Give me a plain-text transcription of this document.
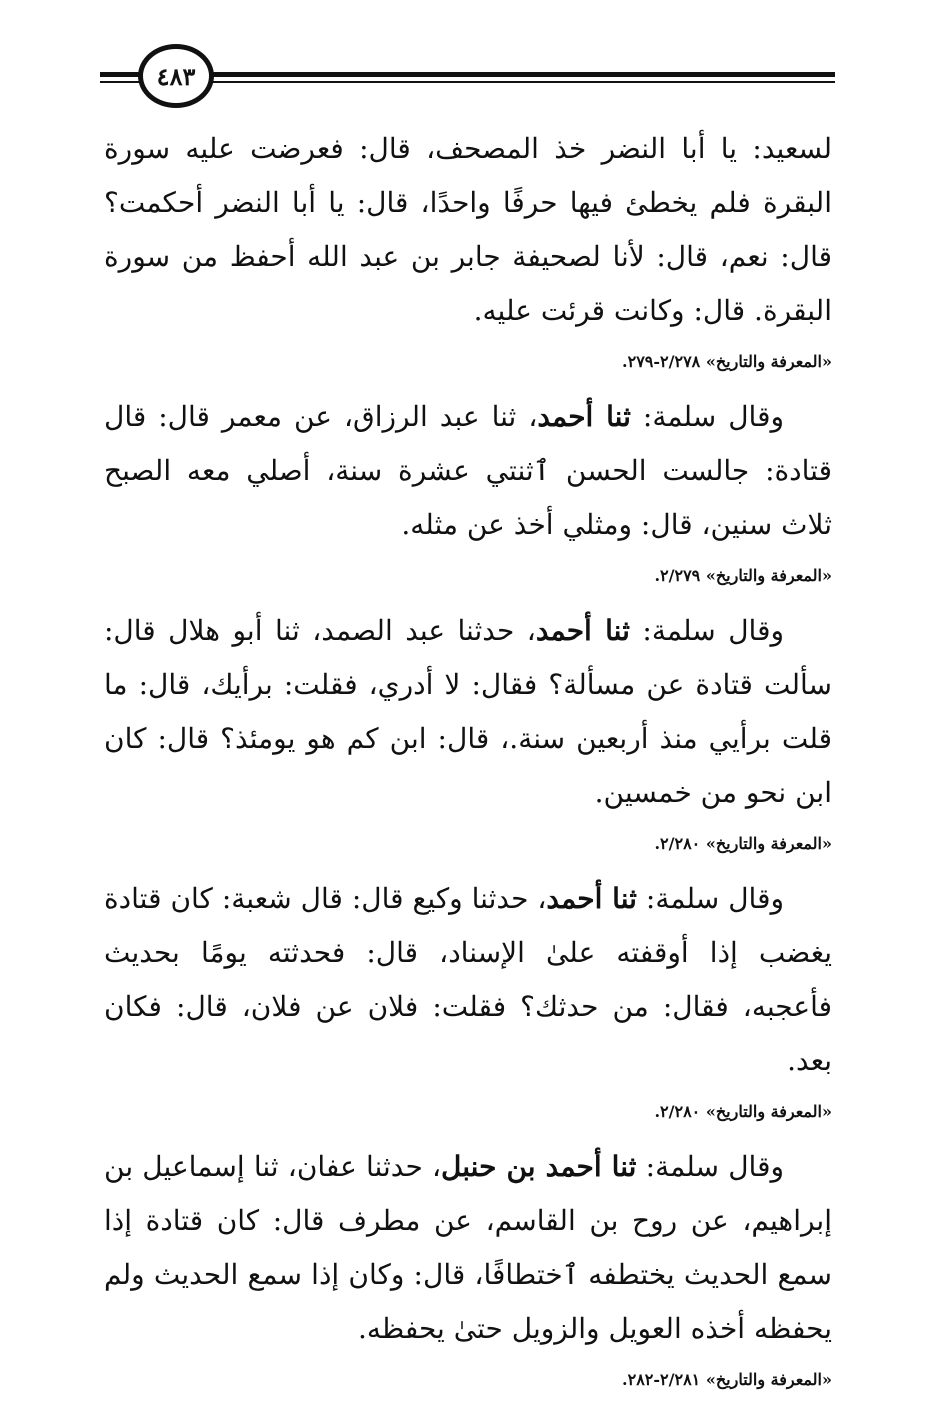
٤٨٣

لسعيد: يا أبا النضر خذ المصحف، قال: فعرضت عليه سورة البقرة فلم يخطئ فيها حرفًا واحدًا، قال: يا أبا النضر أحكمت؟ قال: نعم، قال: لأنا لصحيفة جابر بن عبد الله أحفظ من سورة البقرة. قال: وكانت قرئت عليه.

«المعرفة والتاريخ» ٢/٢٧٨-٢٧٩.

وقال سلمة: ثنا أحمد، ثنا عبد الرزاق، عن معمر قال: قال قتادة: جالست الحسن ٱثنتي عشرة سنة، أصلي معه الصبح ثلاث سنين، قال: ومثلي أخذ عن مثله.

«المعرفة والتاريخ» ٢/٢٧٩.

وقال سلمة: ثنا أحمد، حدثنا عبد الصمد، ثنا أبو هلال قال: سألت قتادة عن مسألة؟ فقال: لا أدري، فقلت: برأيك، قال: ما قلت برأيي منذ أربعين سنة.، قال: ابن كم هو يومئذ؟ قال: كان ابن نحو من خمسين.

«المعرفة والتاريخ» ٢/٢٨٠.

وقال سلمة: ثنا أحمد، حدثنا وكيع قال: قال شعبة: كان قتادة يغضب إذا أوقفته علىٰ الإسناد، قال: فحدثته يومًا بحديث فأعجبه، فقال: من حدثك؟ فقلت: فلان عن فلان، قال: فكان بعد.

«المعرفة والتاريخ» ٢/٢٨٠.

وقال سلمة: ثنا أحمد بن حنبل، حدثنا عفان، ثنا إسماعيل بن إبراهيم، عن روح بن القاسم، عن مطرف قال: كان قتادة إذا سمع الحديث يختطفه ٱختطافًا، قال: وكان إذا سمع الحديث ولم يحفظه أخذه العويل والزويل حتىٰ يحفظه.

«المعرفة والتاريخ» ٢/٢٨١-٢٨٢.
